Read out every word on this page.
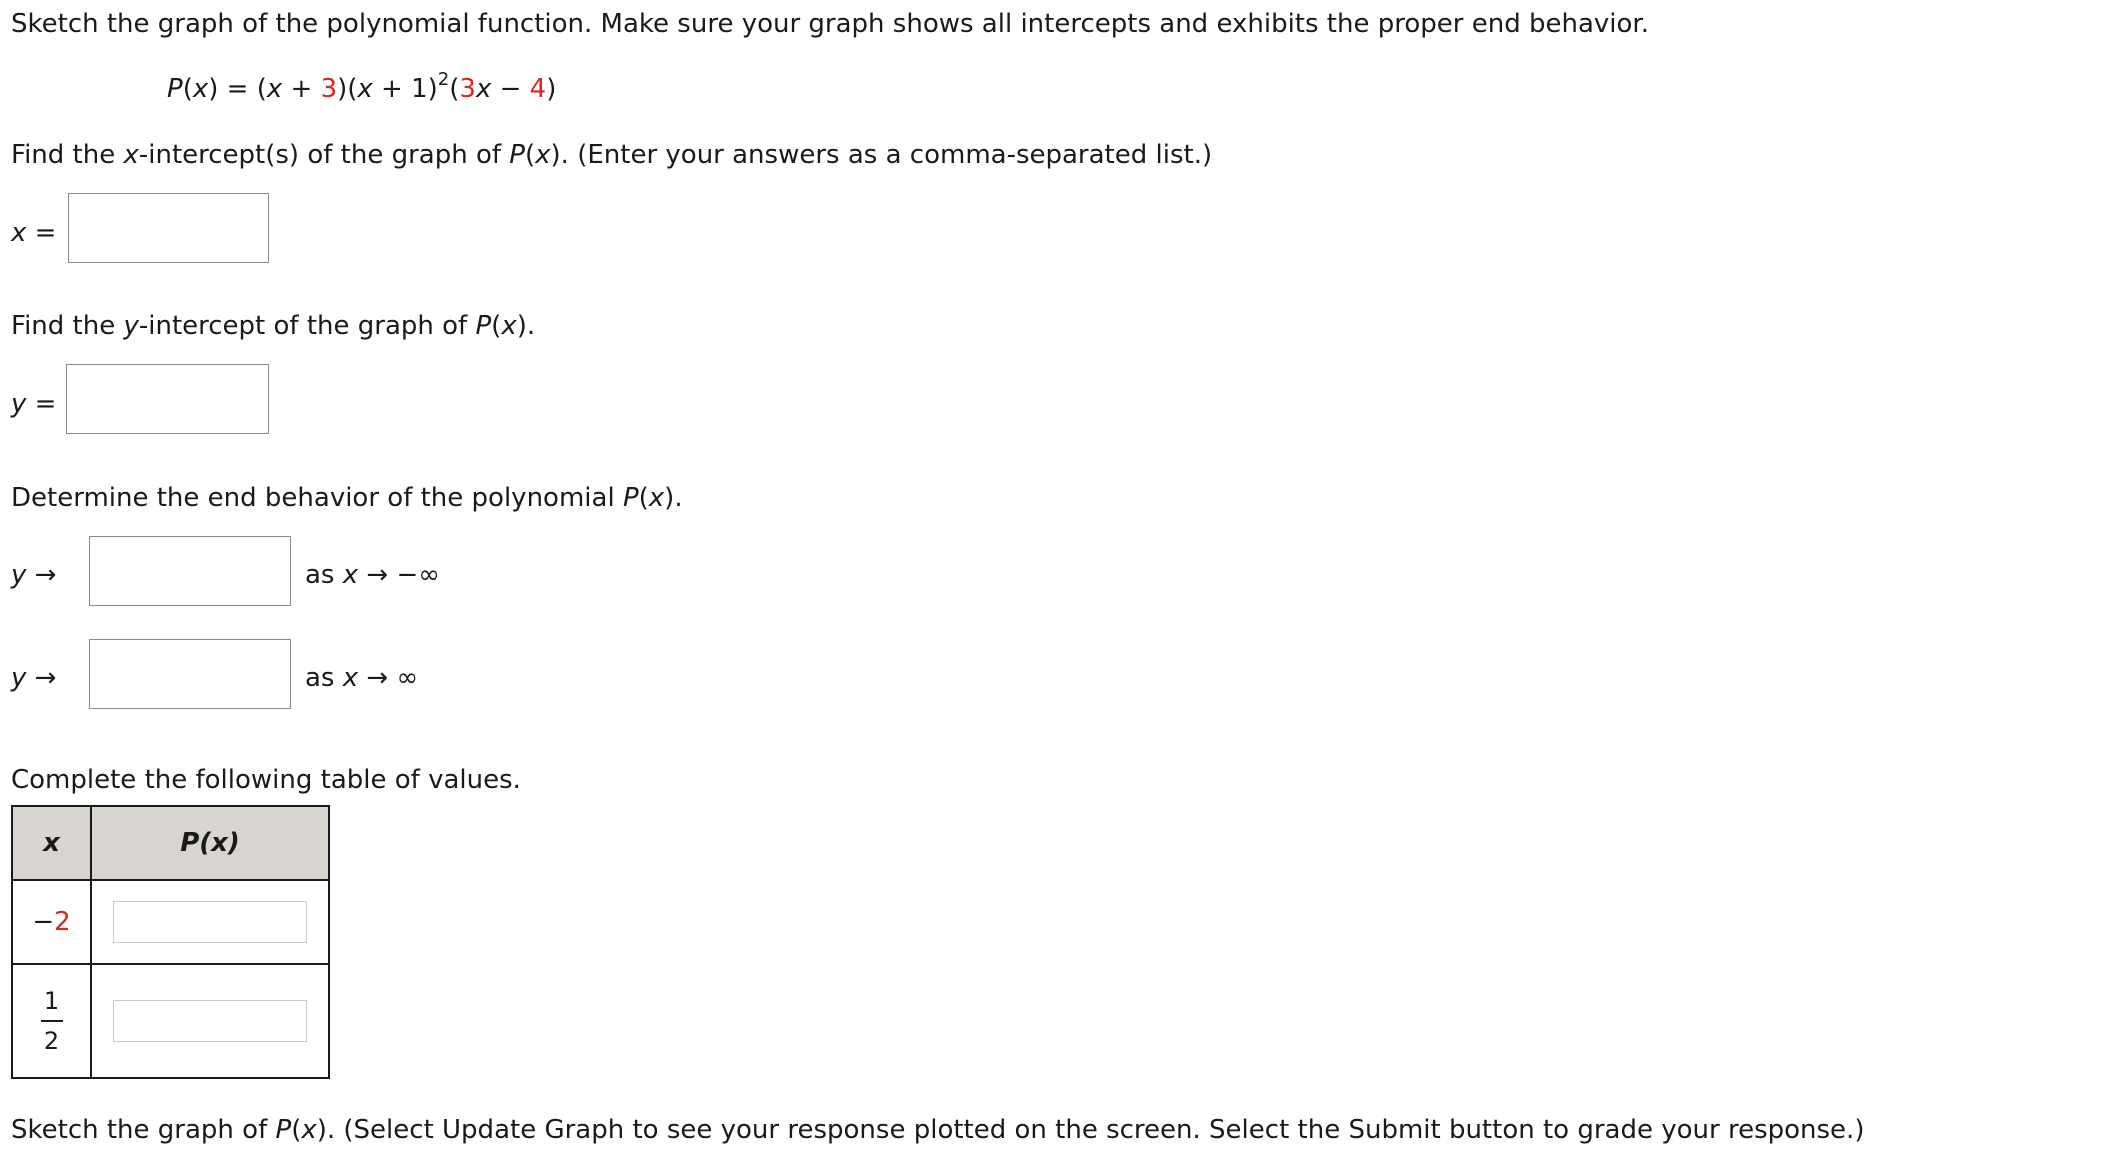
Sketch the graph of the polynomial function. Make sure your graph shows all intercepts and exhibits the proper end behavior.
$P(x) = (x + 3)(x + 1)^2(3x - 4)$
Find the x-intercept(s) of the graph of P(x). (Enter your answers as a comma-separated list.)
x =
Find the y-intercept of the graph of P(x).
y =
Determine the end behavior of the polynomial P(x).
y →	as x → −∞
y →	as x → ∞
Complete the following table of values.
x	P(x)
−2	

$\frac{1}{2}$

Sketch the graph of P(x). (Select Update Graph to see your response plotted on the screen. Select the Submit button to grade your response.)
